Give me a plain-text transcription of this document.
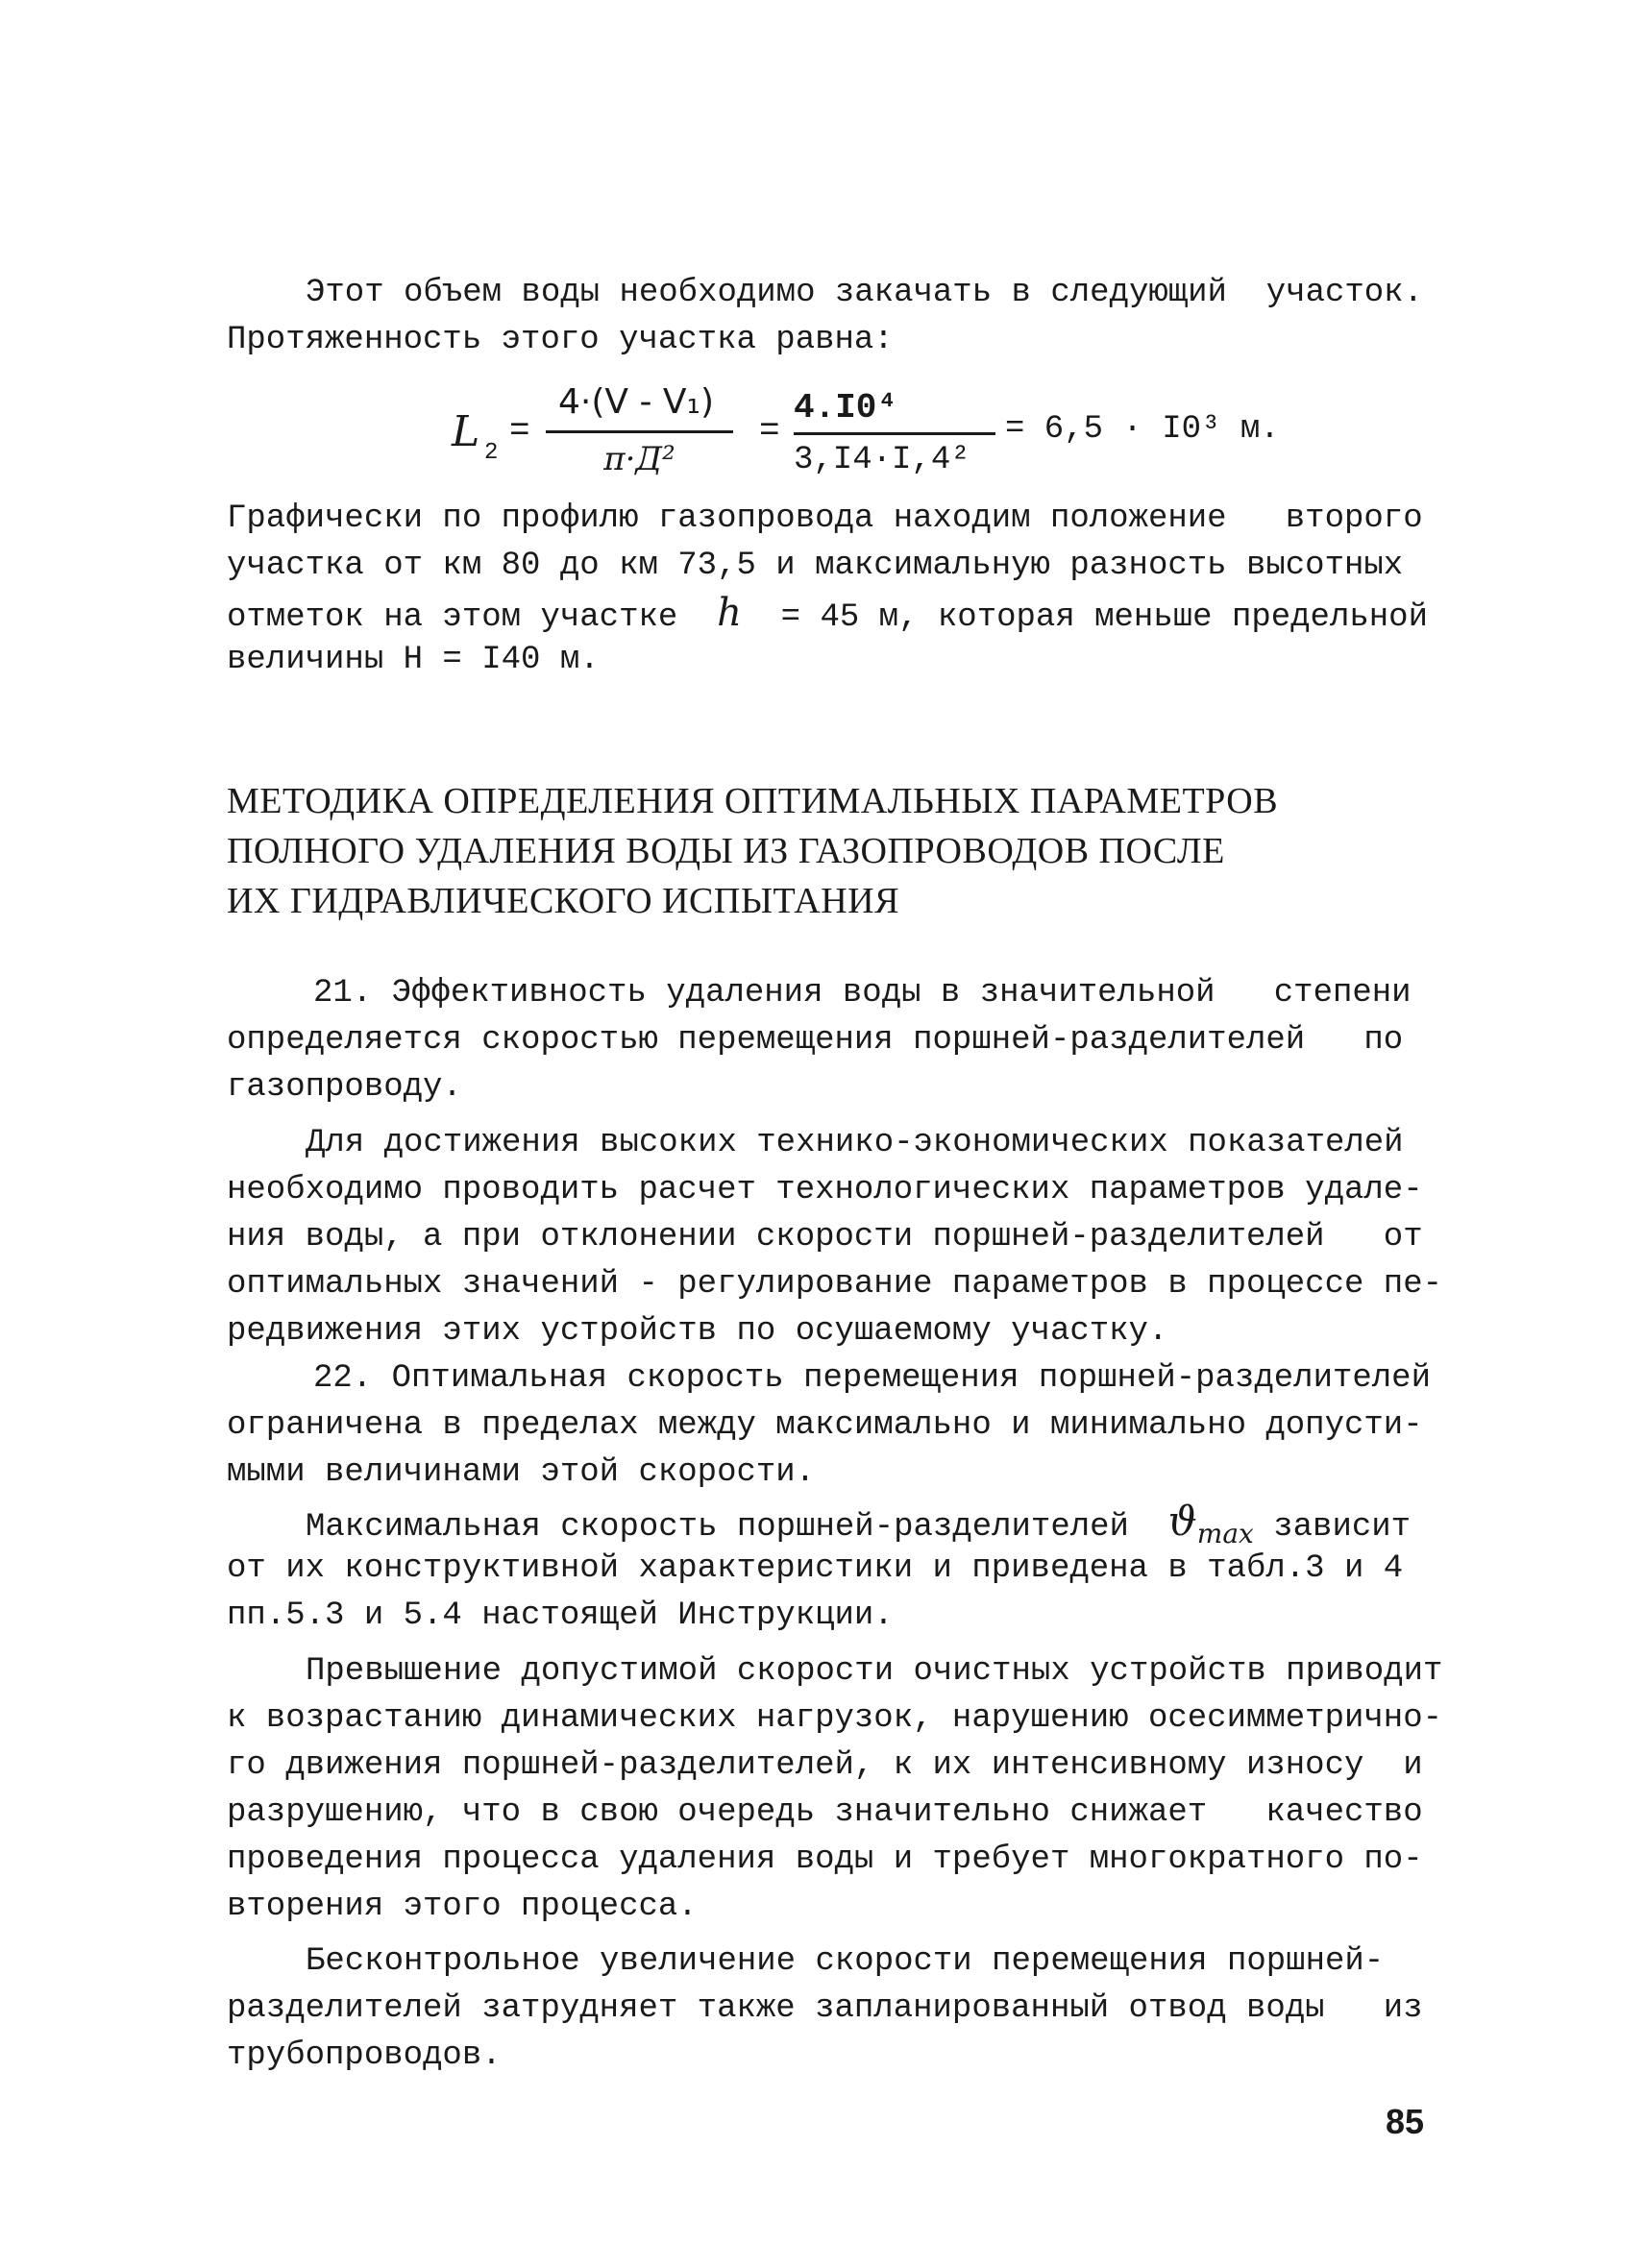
Этот объем воды необходимо закачать в следующий  участок.
Протяженность этого участка равна:
L 2
=
4·(V - V₁)
π·Д²
=
4.I0⁴
3,I4·I,4²
= 6,5 · I0³ м.
Графически по профилю газопровода находим положение   второго
участка от км 80 до км 73,5 и максимальную разность высотных
отметок на этом участке  h  = 45 м, которая меньше предельной
величины Н = I40 м.
МЕТОДИКА ОПРЕДЕЛЕНИЯ ОПТИМАЛЬНЫХ ПАРАМЕТРОВ
ПОЛНОГО УДАЛЕНИЯ ВОДЫ ИЗ ГАЗОПРОВОДОВ ПОСЛЕ
ИХ ГИДРАВЛИЧЕСКОГО ИСПЫТАНИЯ
21. Эффективность удаления воды в значительной   степени
определяется скоростью перемещения поршней-разделителей   по
газопроводу.
Для достижения высоких технико-экономических показателей
необходимо проводить расчет технологических параметров удале-
ния воды, а при отклонении скорости поршней-разделителей   от
оптимальных значений - регулирование параметров в процессе пе-
редвижения этих устройств по осушаемому участку.
22. Оптимальная скорость перемещения поршней-разделителей
ограничена в пределах между максимально и минимально допусти-
мыми величинами этой скорости.
Максимальная скорость поршней-разделителей  $ϑ_{max}$ зависит
от их конструктивной характеристики и приведена в табл.3 и 4
пп.5.3 и 5.4 настоящей Инструкции.
Превышение допустимой скорости очистных устройств приводит
к возрастанию динамических нагрузок, нарушению осесимметрично-
го движения поршней-разделителей, к их интенсивному износу  и
разрушению, что в свою очередь значительно снижает   качество
проведения процесса удаления воды и требует многократного по-
вторения этого процесса.
Бесконтрольное увеличение скорости перемещения поршней-
разделителей затрудняет также запланированный отвод воды   из
трубопроводов.
85
